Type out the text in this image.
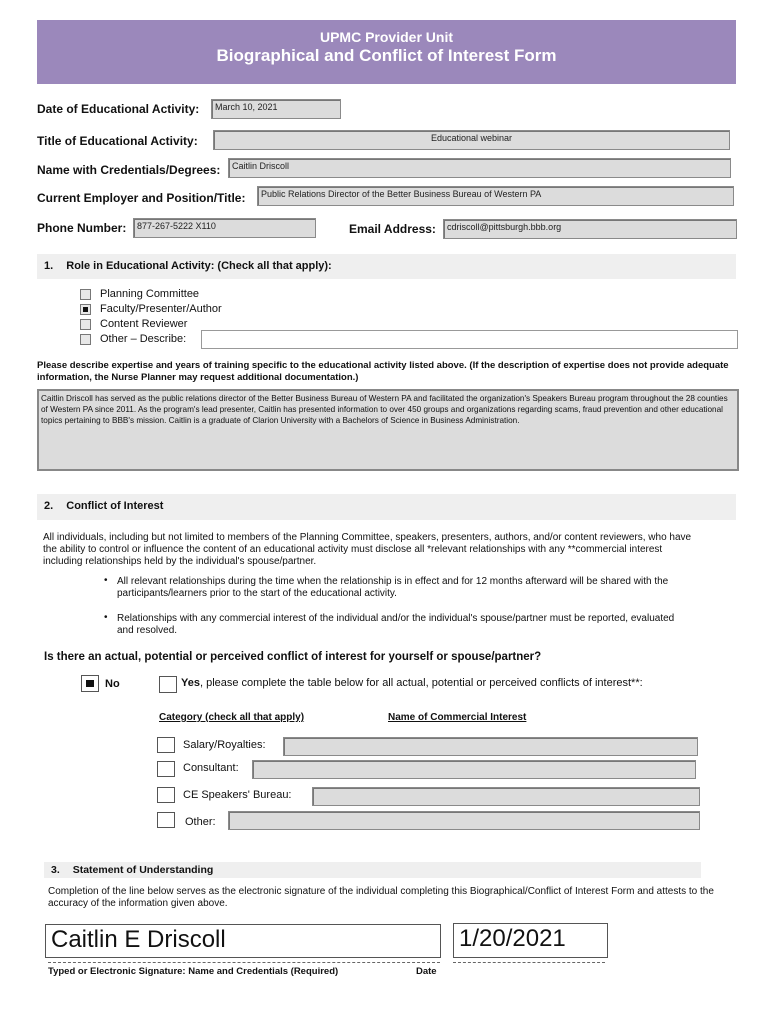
UPMC Provider Unit
Biographical and Conflict of Interest Form
Date of Educational Activity:	March 10, 2021
Title of Educational Activity:	Educational webinar
Name with Credentials/Degrees:	Caitlin Driscoll
Current Employer and Position/Title:	Public Relations Director of the Better Business Bureau of Western PA
Phone Number:	877-267-5222 X110	Email Address:	cdriscoll@pittsburgh.bbb.org
1. Role in Educational Activity: (Check all that apply):
Planning Committee
Faculty/Presenter/Author
Content Reviewer
Other – Describe:
Please describe expertise and years of training specific to the educational activity listed above. (If the description of expertise does not provide adequate information, the Nurse Planner may request additional documentation.)
Caitlin Driscoll has served as the public relations director of the Better Business Bureau of Western PA and facilitated the organization's Speakers Bureau program throughout the 28 counties of Western PA since 2011. As the program's lead presenter, Caitlin has presented information to over 450 groups and organizations regarding scams, fraud prevention and other educational topics pertaining to BBB's mission. Caitlin is a graduate of Clarion University with a Bachelors of Science in Business Administration.
2. Conflict of Interest
All individuals, including but not limited to members of the Planning Committee, speakers, presenters, authors, and/or content reviewers, who have the ability to control or influence the content of an educational activity must disclose all *relevant relationships with any **commercial interest including relationships held by the individual's spouse/partner.
• All relevant relationships during the time when the relationship is in effect and for 12 months afterward will be shared with the participants/learners prior to the start of the educational activity.
• Relationships with any commercial interest of the individual and/or the individual's spouse/partner must be reported, evaluated and resolved.
Is there an actual, potential or perceived conflict of interest for yourself or spouse/partner?
No	Yes, please complete the table below for all actual, potential or perceived conflicts of interest**:
Category (check all that apply)	Name of Commercial Interest
Salary/Royalties:
Consultant:
CE Speakers' Bureau:
Other:
3. Statement of Understanding
Completion of the line below serves as the electronic signature of the individual completing this Biographical/Conflict of Interest Form and attests to the accuracy of the information given above.
Caitlin E Driscoll	1/20/2021
Typed or Electronic Signature: Name and Credentials (Required)	Date
